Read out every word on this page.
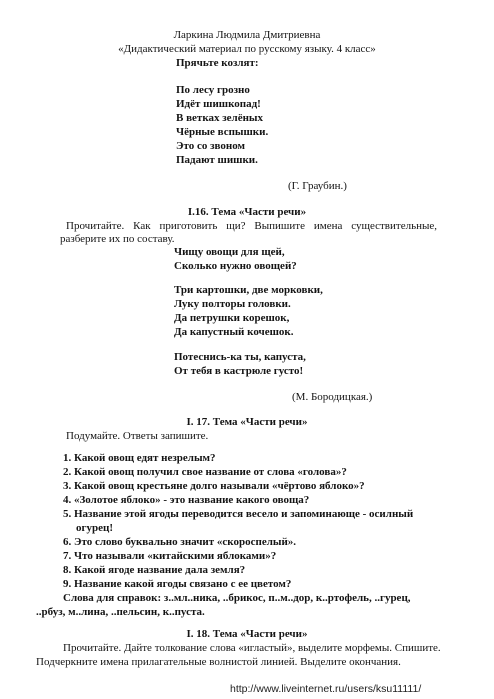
Ларкина Людмила Дмитриевна
«Дидактический материал по русскому языку. 4 класс»
Прячьте козлят:
По лесу грозно
Идёт шишкопад!
В ветках зелёных
Чёрные вспышки.
Это со звоном
Падают шишки.
(Г. Граубин.)
I.16. Тема «Части речи»
Прочитайте. Как приготовить щи? Выпишите имена существительные,
разберите их по составу.
Чищу овощи для щей,
Сколько нужно овощей?
Три картошки, две морковки,
Луку полторы головки.
Да петрушки корешок,
Да капустный кочешок.
Потеснись-ка ты, капуста,
От тебя в кастрюле густо!
(М. Бородицкая.)
I. 17. Тема «Части речи»
Подумайте. Ответы запишите.
1. Какой овощ едят незрелым?
2. Какой овощ получил свое название от слова «голова»?
3. Какой овощ крестьяне долго называли «чёртово яблоко»?
4. «Золотое яблоко» - это название какого овоща?
5. Название этой ягоды переводится весело и запоминающе - осилный
огурец!
6. Это слово буквально значит «скороспелый».
7. Что называли «китайскими яблоками»?
8. Какой ягоде название дала земля?
9. Название какой ягоды связано с ее цветом?
Слова для справок: з..мл..ника, ..брикос, п..м..дор, к..ртофель, ..гурец,
..рбуз, м..лина, ..пельсин, к..пуста.
I. 18. Тема «Части речи»
Прочитайте. Дайте толкование слова «игластый», выделите морфемы. Спишите.
Подчеркните имена прилагательные волнистой линией. Выделите окончания.
http://www.liveinternet.ru/users/ksu11111/
